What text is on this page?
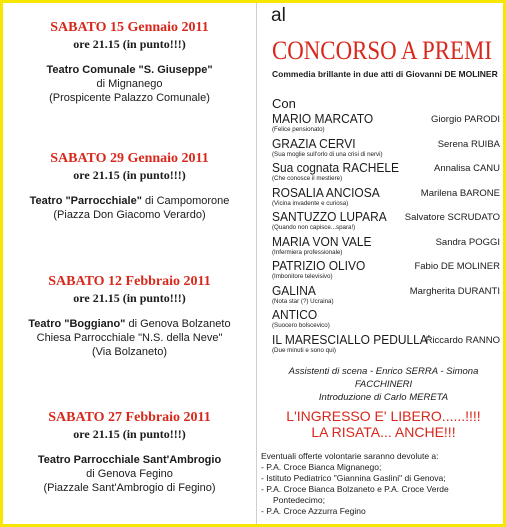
SABATO 15 Gennaio 2011
ore 21.15 (in punto!!!)
Teatro Comunale "S. Giuseppe"
di Mignanego
(Prospicente Palazzo Comunale)
SABATO 29 Gennaio 2011
ore 21.15 (in punto!!!)
Teatro "Parrocchiale" di Campomorone
(Piazza Don Giacomo Verardo)
SABATO 12 Febbraio 2011
ore 21.15 (in punto!!!)
Teatro "Boggiano" di Genova Bolzaneto
Chiesa Parrocchiale "N.S. della Neve"
(Via Bolzaneto)
SABATO 27 Febbraio 2011
ore 21.15 (in punto!!!)
Teatro Parrocchiale Sant'Ambrogio
di Genova Fegino
(Piazzale Sant'Ambrogio di Fegino)
al
CONCORSO A PREMI
Commedia brillante in due atti di Giovanni DE MOLINER
Con
MARIO MARCATO
(Felice pensionato)
Giorgio PARODI
GRAZIA CERVI
(Sua moglie sull'orlo di una crisi di nervi)
Serena RUIBA
Sua cognata RACHELE
(Che conosce il mestiere)
Annalisa CANU
ROSALIA ANCIOSA
(Vicina invadente e curiosa)
Marilena BARONE
SANTUZZO LUPARA
(Quando non capisce...spara!)
Salvatore SCRUDATO
MARIA VON VALE
(Infermiera professionale)
Sandra POGGI
PATRIZIO OLIVO
(Imbonitore televisivo)
Fabio DE MOLINER
GALINA
(Nota star (?) Ucraina)
Margherita DURANTI
ANTICO
(Suocero bolscevico)
IL MARESCIALLO PEDULLA'
(Due minuti e sono qui)
Riccardo RANNO
Assistenti di scena - Enrico SERRA - Simona FACCHINERI
Introduzione di Carlo MERETA
L'INGRESSO E' LIBERO......!!!!
LA RISATA... ANCHE!!!
Eventuali offerte volontarie saranno devolute a:
- P.A. Croce Bianca Mignanego;
- Istituto Pediatrico "Giannina Gaslini" di Genova;
- P.A. Croce Bianca Bolzaneto e P.A. Croce Verde
Pontedecimo;
- P.A. Croce Azzurra Fegino
